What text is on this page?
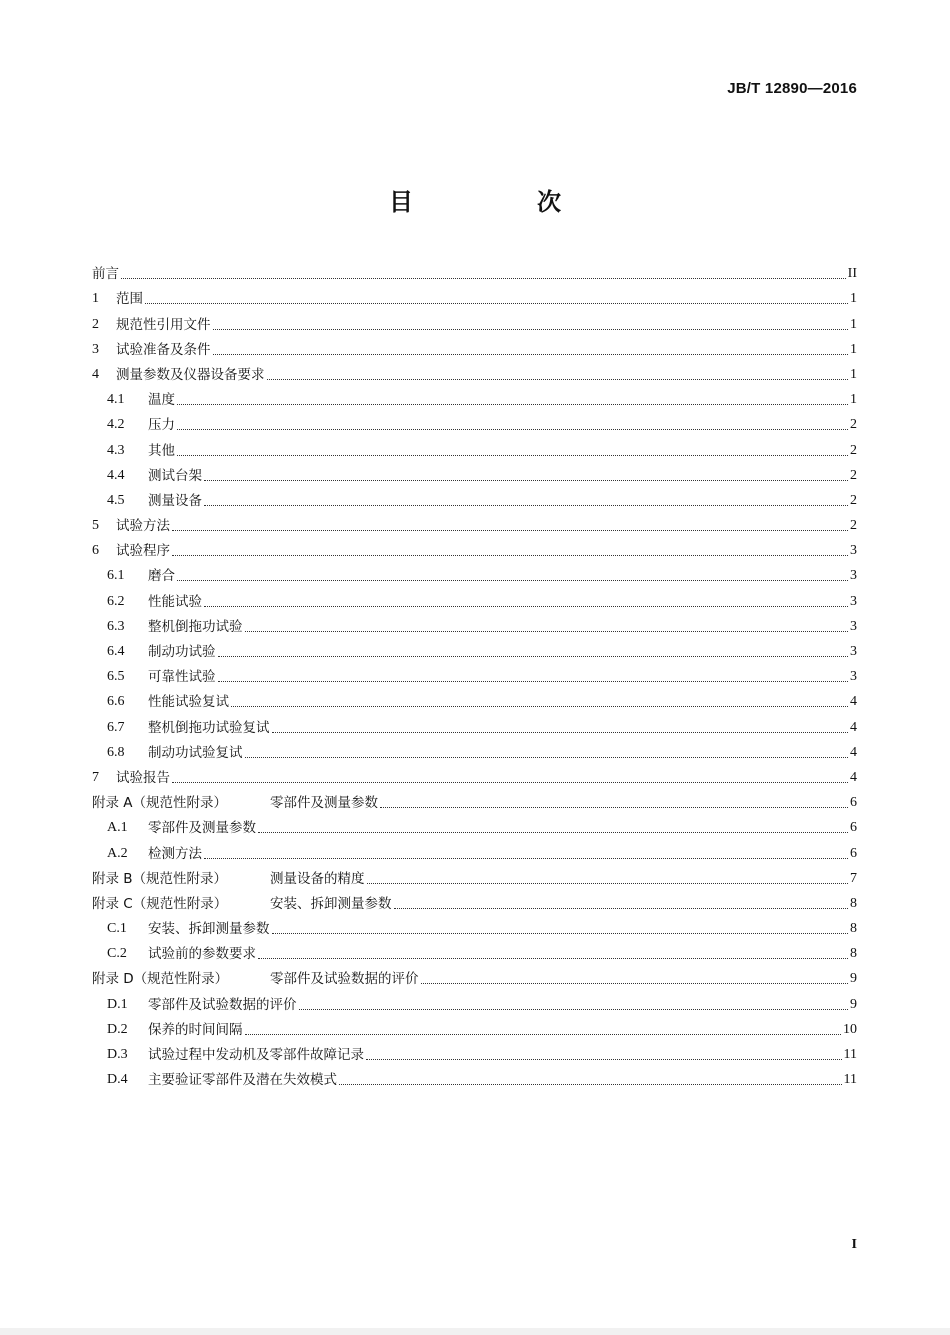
JB/T 12890—2016
目　次
前言	II
1	范围	1
2	规范性引用文件	1
3	试验准备及条件	1
4	测量参数及仪器设备要求	1
4.1	温度	1
4.2	压力	2
4.3	其他	2
4.4	测试台架	2
4.5	测量设备	2
5	试验方法	2
6	试验程序	3
6.1	磨合	3
6.2	性能试验	3
6.3	整机倒拖功试验	3
6.4	制动功试验	3
6.5	可靠性试验	3
6.6	性能试验复试	4
6.7	整机倒拖功试验复试	4
6.8	制动功试验复试	4
7	试验报告	4
附录 A（规范性附录）	零部件及测量参数	6
A.1	零部件及测量参数	6
A.2	检测方法	6
附录 B（规范性附录）	测量设备的精度	7
附录 C（规范性附录）	安装、拆卸测量参数	8
C.1	安装、拆卸测量参数	8
C.2	试验前的参数要求	8
附录 D（规范性附录）	零部件及试验数据的评价	9
D.1	零部件及试验数据的评价	9
D.2	保养的时间间隔	10
D.3	试验过程中发动机及零部件故障记录	11
D.4	主要验证零部件及潜在失效模式	11
I
